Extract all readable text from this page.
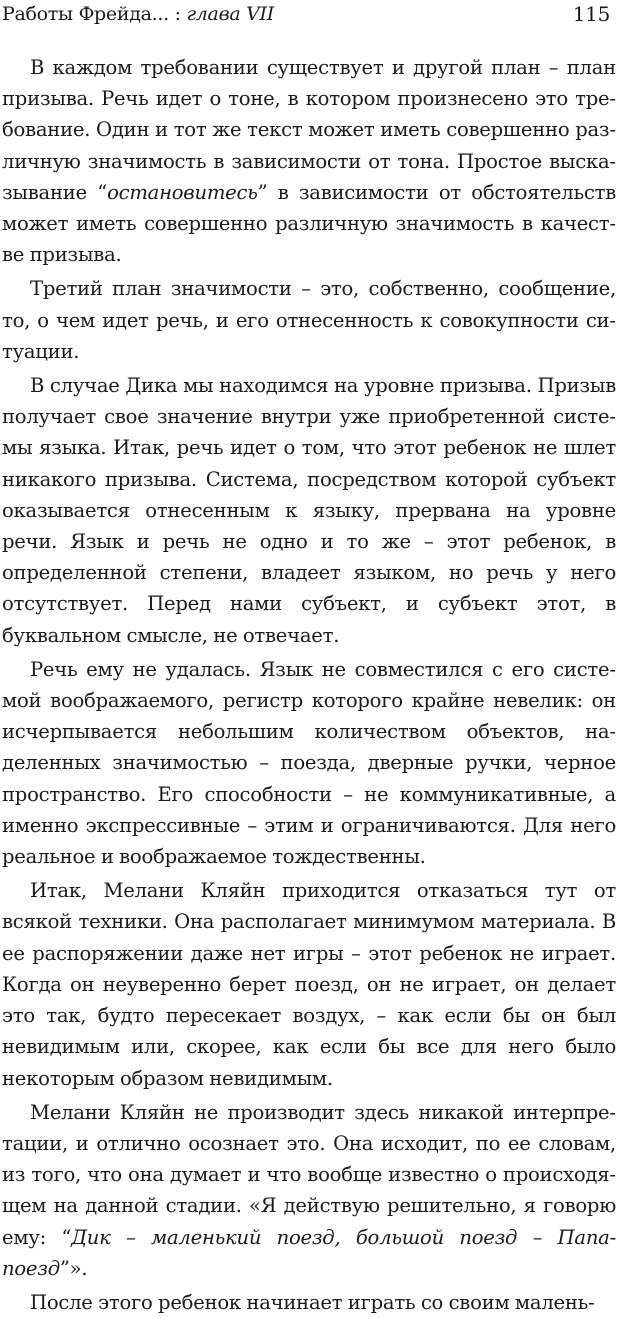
Работы Фрейда... : глава VII	115

В каждом требовании существует и другой план – план призыва. Речь идет о тоне, в котором произнесено это требование. Один и тот же текст может иметь совершенно различную значимость в зависимости от тона. Простое высказывание “остановитесь” в зависимости от обстоятельств может иметь совершенно различную значимость в качестве призыва.

Третий план значимости – это, собственно, сообщение, то, о чем идет речь, и его отнесенность к совокупности ситуации.

В случае Дика мы находимся на уровне призыва. Призыв получает свое значение внутри уже приобретенной системы языка. Итак, речь идет о том, что этот ребенок не шлет никакого призыва. Система, посредством которой субъект оказывается отнесенным к языку, прервана на уровне речи. Язык и речь не одно и то же – этот ребенок, в определенной степени, владеет языком, но речь у него отсутствует. Перед нами субъект, и субъект этот, в буквальном смысле, не отвечает.

Речь ему не удалась. Язык не совместился с его системой воображаемого, регистр которого крайне невелик: он исчерпывается небольшим количеством объектов, наделенных значимостью – поезда, дверные ручки, черное пространство. Его способности – не коммуникативные, а именно экспрессивные – этим и ограничиваются. Для него реальное и воображаемое тождественны.

Итак, Мелани Кляйн приходится отказаться тут от всякой техники. Она располагает минимумом материала. В ее распоряжении даже нет игры – этот ребенок не играет. Когда он неуверенно берет поезд, он не играет, он делает это так, будто пересекает воздух, – как если бы он был невидимым или, скорее, как если бы все для него было некоторым образом невидимым.

Мелани Кляйн не производит здесь никакой интерпретации, и отлично осознает это. Она исходит, по ее словам, из того, что она думает и что вообще известно о происходящем на данной стадии. «Я действую решительно, я говорю ему: “Дик – маленький поезд, большой поезд – Папа-поезд”».

После этого ребенок начинает играть со своим малень-
